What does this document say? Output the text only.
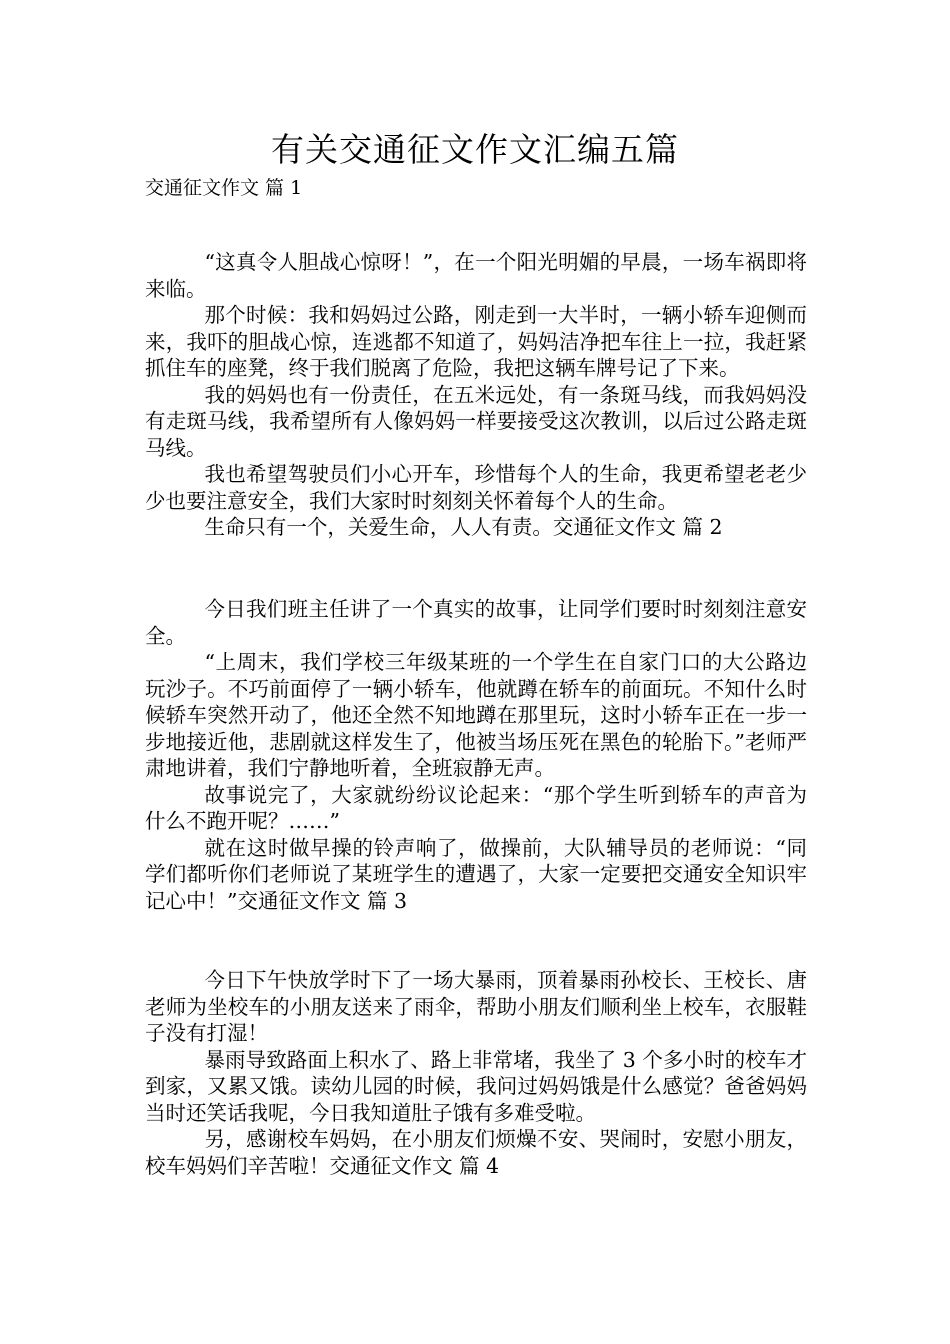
有关交通征文作文汇编五篇
交通征文作文 篇 1

“这真令人胆战心惊呀！”，在一个阳光明媚的早晨，一场车祸即将来临。

那个时候：我和妈妈过公路，刚走到一大半时，一辆小轿车迎侧而来，我吓的胆战心惊，连逃都不知道了，妈妈洁净把车往上一拉，我赶紧抓住车的座凳，终于我们脱离了危险，我把这辆车牌号记了下来。

我的妈妈也有一份责任，在五米远处，有一条斑马线，而我妈妈没有走斑马线，我希望所有人像妈妈一样要接受这次教训，以后过公路走斑马线。

我也希望驾驶员们小心开车，珍惜每个人的生命，我更希望老老少少也要注意安全，我们大家时时刻刻关怀着每个人的生命。

生命只有一个，关爱生命，人人有责。交通征文作文 篇 2

今日我们班主任讲了一个真实的故事，让同学们要时时刻刻注意安全。

“上周末，我们学校三年级某班的一个学生在自家门口的大公路边玩沙子。不巧前面停了一辆小轿车，他就蹲在轿车的前面玩。不知什么时候轿车突然开动了，他还全然不知地蹲在那里玩，这时小轿车正在一步一步地接近他，悲剧就这样发生了，他被当场压死在黑色的轮胎下。”老师严肃地讲着，我们宁静地听着，全班寂静无声。

故事说完了，大家就纷纷议论起来：“那个学生听到轿车的声音为什么不跑开呢？……”

就在这时做早操的铃声响了，做操前，大队辅导员的老师说：“同学们都听你们老师说了某班学生的遭遇了，大家一定要把交通安全知识牢记心中！”交通征文作文 篇 3

今日下午快放学时下了一场大暴雨，顶着暴雨孙校长、王校长、唐老师为坐校车的小朋友送来了雨伞，帮助小朋友们顺利坐上校车，衣服鞋子没有打湿！

暴雨导致路面上积水了、路上非常堵，我坐了 3 个多小时的校车才到家，又累又饿。读幼儿园的时候，我问过妈妈饿是什么感觉？爸爸妈妈当时还笑话我呢，今日我知道肚子饿有多难受啦。

另，感谢校车妈妈，在小朋友们烦燥不安、哭闹时，安慰小朋友，校车妈妈们辛苦啦！交通征文作文 篇 4
